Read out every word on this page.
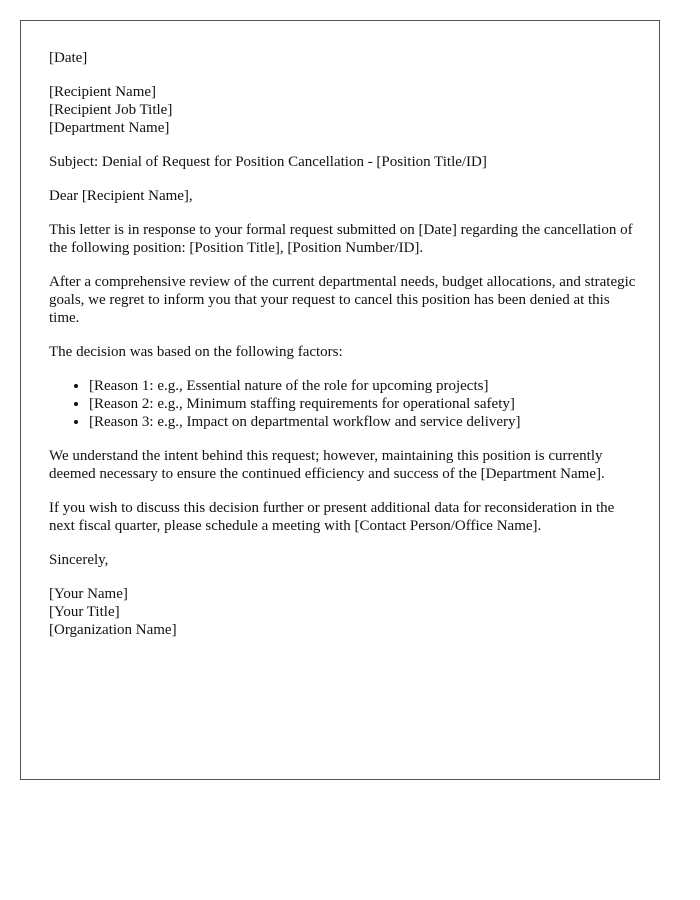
[Date]

[Recipient Name]
[Recipient Job Title]
[Department Name]

Subject: Denial of Request for Position Cancellation - [Position Title/ID]

Dear [Recipient Name],

This letter is in response to your formal request submitted on [Date] regarding the cancellation of the following position: [Position Title], [Position Number/ID].

After a comprehensive review of the current departmental needs, budget allocations, and strategic goals, we regret to inform you that your request to cancel this position has been denied at this time.

The decision was based on the following factors:

• [Reason 1: e.g., Essential nature of the role for upcoming projects]
• [Reason 2: e.g., Minimum staffing requirements for operational safety]
• [Reason 3: e.g., Impact on departmental workflow and service delivery]

We understand the intent behind this request; however, maintaining this position is currently deemed necessary to ensure the continued efficiency and success of the [Department Name].

If you wish to discuss this decision further or present additional data for reconsideration in the next fiscal quarter, please schedule a meeting with [Contact Person/Office Name].

Sincerely,

[Your Name]
[Your Title]
[Organization Name]
